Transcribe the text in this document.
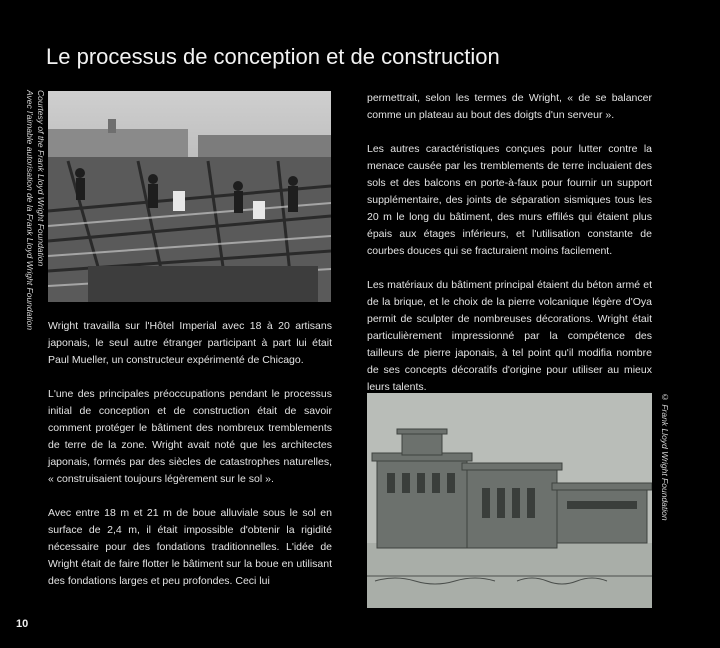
Le processus de conception et de construction
Courtesy of the Frank Lloyd Wright Foundation
Avec l'aimable autorisation de la Frank Lloyd Wright Foundation Wright travailla sur l'Hôtel Imperial avec 18 à 20 artisans japonais, le seul autre étranger participant à part lui était Paul Mueller, un constructeur expérimenté de Chicago.

L'une des principales préoccupations pendant le processus initial de conception et de construction était de savoir comment protéger le bâtiment des nombreux tremblements de terre de la zone. Wright avait noté que les architectes japonais, formés par des siècles de catastrophes naturelles, « construisaient toujours légèrement sur le sol ».

Avec entre 18 m et 21 m de boue alluviale sous le sol en surface de 2,4 m, il était impossible d'obtenir la rigidité nécessaire pour des fondations traditionnelles. L'idée de Wright était de faire flotter le bâtiment sur la boue en utilisant des fondations larges et peu profondes. Ceci lui

permettrait, selon les termes de Wright, « de se balancer comme un plateau au bout des doigts d'un serveur ».

Les autres caractéristiques conçues pour lutter contre la menace causée par les tremblements de terre incluaient des sols et des balcons en porte-à-faux pour fournir un support supplémentaire, des joints de séparation sismiques tous les 20 m le long du bâtiment, des murs effilés qui étaient plus épais aux étages inférieurs, et l'utilisation constante de courbes douces qui se fracturaient moins facilement.

Les matériaux du bâtiment principal étaient du béton armé et de la brique, et le choix de la pierre volcanique légère d'Oya permit de sculpter de nombreuses décorations. Wright était particulièrement impressionné par la compétence des tailleurs de pierre japonais, à tel point qu'il modifia nombre de ses concepts décoratifs d'origine pour utiliser au mieux leurs talents.

© Frank Lloyd Wright Foundation
10
